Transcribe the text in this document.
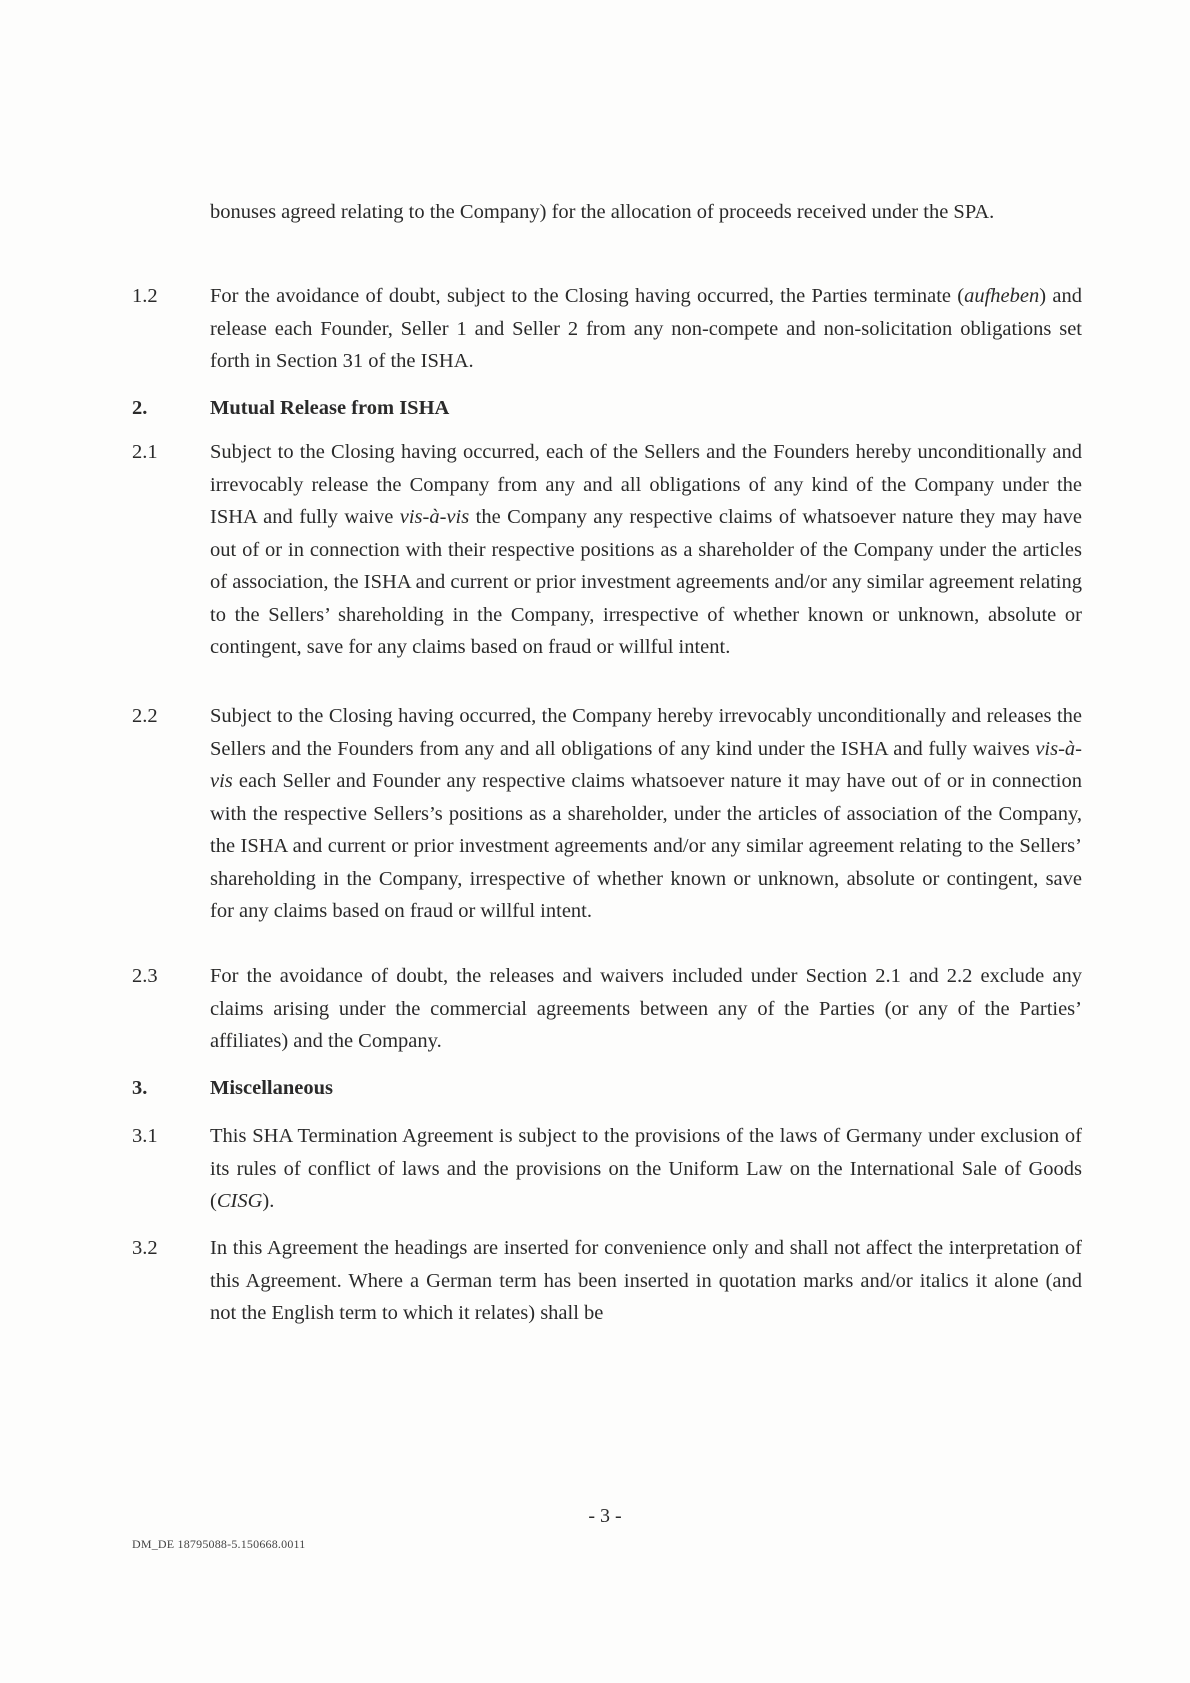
bonuses agreed relating to the Company) for the allocation of proceeds received under the SPA.
1.2	For the avoidance of doubt, subject to the Closing having occurred, the Parties terminate (aufheben) and release each Founder, Seller 1 and Seller 2 from any non-compete and non-solicitation obligations set forth in Section 31 of the ISHA.
2.	Mutual Release from ISHA
2.1	Subject to the Closing having occurred, each of the Sellers and the Founders hereby unconditionally and irrevocably release the Company from any and all obligations of any kind of the Company under the ISHA and fully waive vis-à-vis the Company any respective claims of whatsoever nature they may have out of or in connection with their respective positions as a shareholder of the Company under the articles of association, the ISHA and current or prior investment agreements and/or any similar agreement relating to the Sellers’ shareholding in the Company, irrespective of whether known or unknown, absolute or contingent, save for any claims based on fraud or willful intent.
2.2	Subject to the Closing having occurred, the Company hereby irrevocably unconditionally and releases the Sellers and the Founders from any and all obligations of any kind under the ISHA and fully waives vis-à-vis each Seller and Founder any respective claims whatsoever nature it may have out of or in connection with the respective Sellers’s positions as a shareholder, under the articles of association of the Company, the ISHA and current or prior investment agreements and/or any similar agreement relating to the Sellers’ shareholding in the Company, irrespective of whether known or unknown, absolute or contingent, save for any claims based on fraud or willful intent.
2.3	For the avoidance of doubt, the releases and waivers included under Section 2.1 and 2.2 exclude any claims arising under the commercial agreements between any of the Parties (or any of the Parties’ affiliates) and the Company.
3.	Miscellaneous
3.1	This SHA Termination Agreement is subject to the provisions of the laws of Germany under exclusion of its rules of conflict of laws and the provisions on the Uniform Law on the International Sale of Goods (CISG).
3.2	In this Agreement the headings are inserted for convenience only and shall not affect the interpretation of this Agreement. Where a German term has been inserted in quotation marks and/or italics it alone (and not the English term to which it relates) shall be
- 3 -
DM_DE 18795088-5.150668.0011
